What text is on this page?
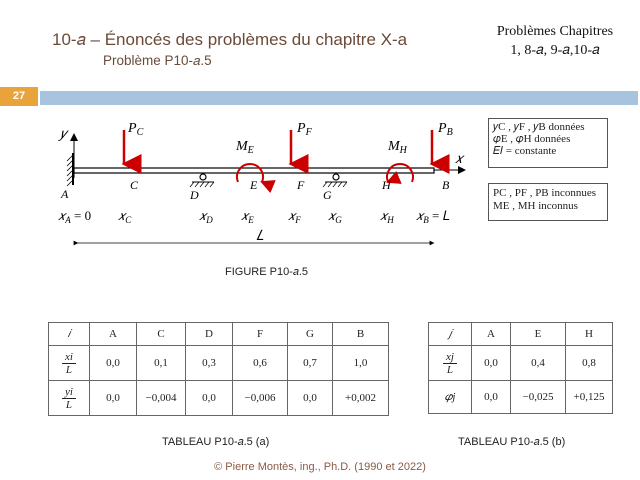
10-𝑎 – Énoncés des problèmes du chapitre X-a
Problème P10-𝑎.5
Problèmes Chapitres
1, 8-𝑎, 9-𝑎,10-𝑎
27
𝑦
𝑥
$P_C$	$P_F$	$P_B$
$M_E$	$M_H$
A
C
D
E	F
G
H	B
𝑥$_A$ = 0 𝑥$_C$	𝑥$_D$ 𝑥$_E$	𝑥$_F$ 𝑥$_G$	𝑥$_H$ 𝑥$_B$ = 𝐿
𝐿
𝑦C , 𝑦F , 𝑦B données
𝜑E , 𝜑H données
𝐸𝐼 = constante
PC , PF , PB inconnues
ME , MH inconnus
FIGURE P10-𝑎.5
𝑖	A	C	D	F	G	B

$\frac{xi}{L}$	0,0	0,1	0,3	0,6	0,7	1,0

$\frac{yi}{L}$	0,0	−0,004	0,0	−0,006	0,0	+0,002
𝑗	A	E	H

$\frac{xj}{L}$	0,0	0,4	0,8
𝜑j	0,0	−0,025	+0,125
TABLEAU P10-𝑎.5 (a)	TABLEAU P10-𝑎.5 (b)
© Pierre Montès, ing., Ph.D. (1990 et 2022)
